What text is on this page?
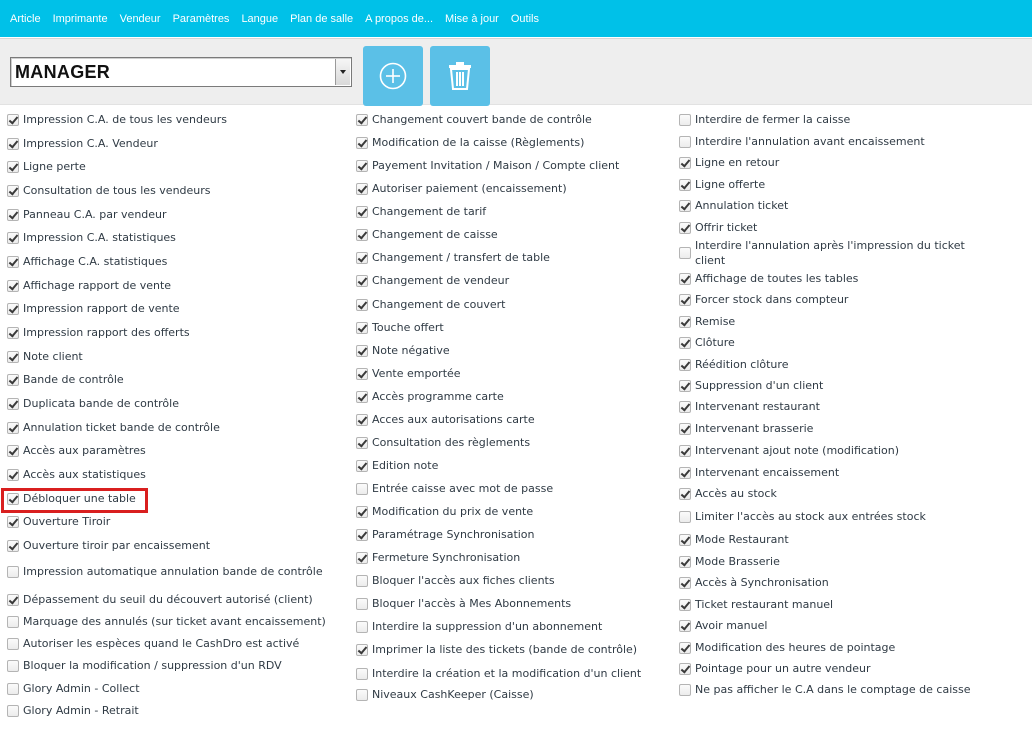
Article Imprimante Vendeur Paramètres Langue Plan de salle A propos de... Mise à jour Outils
MANAGER
Impression C.A. de tous les vendeurs
Impression C.A. Vendeur
Ligne perte
Consultation de tous les vendeurs
Panneau C.A. par vendeur
Impression C.A. statistiques
Affichage C.A. statistiques
Affichage rapport de vente
Impression rapport de vente
Impression rapport des offerts
Note client
Bande de contrôle
Duplicata bande de contrôle
Annulation ticket bande de contrôle
Accès aux paramètres
Accès aux statistiques
Débloquer une table
Ouverture Tiroir
Ouverture tiroir par encaissement
Impression automatique annulation bande de contrôle
Dépassement du seuil du découvert autorisé (client)
Marquage des annulés (sur ticket avant encaissement)
Autoriser les espèces quand le CashDro est activé
Bloquer la modification / suppression d'un RDV
Glory Admin - Collect
Glory Admin - Retrait
Changement couvert bande de contrôle
Modification de la caisse (Règlements)
Payement Invitation / Maison / Compte client
Autoriser paiement (encaissement)
Changement de tarif
Changement de caisse
Changement / transfert de table
Changement de vendeur
Changement de couvert
Touche offert
Note négative
Vente emportée
Accès programme carte
Acces aux autorisations carte
Consultation des règlements
Edition note
Entrée caisse avec mot de passe
Modification du prix de vente
Paramétrage Synchronisation
Fermeture Synchronisation
Bloquer l'accès aux fiches clients
Bloquer l'accès à Mes Abonnements
Interdire la suppression d'un abonnement
Imprimer la liste des tickets (bande de contrôle)
Interdire la création et la modification d'un client
Niveaux CashKeeper (Caisse)
Interdire de fermer la caisse
Interdire l'annulation avant encaissement
Ligne en retour
Ligne offerte
Annulation ticket
Offrir ticket
Interdire l'annulation après l'impression du ticket client
Affichage de toutes les tables
Forcer stock dans compteur
Remise
Clôture
Réédition clôture
Suppression d'un client
Intervenant restaurant
Intervenant brasserie
Intervenant ajout note (modification)
Intervenant encaissement
Accès au stock
Limiter l'accès au stock aux entrées stock
Mode Restaurant
Mode Brasserie
Accès à Synchronisation
Ticket restaurant manuel
Avoir manuel
Modification des heures de pointage
Pointage pour un autre vendeur
Ne pas afficher le C.A dans le comptage de caisse
